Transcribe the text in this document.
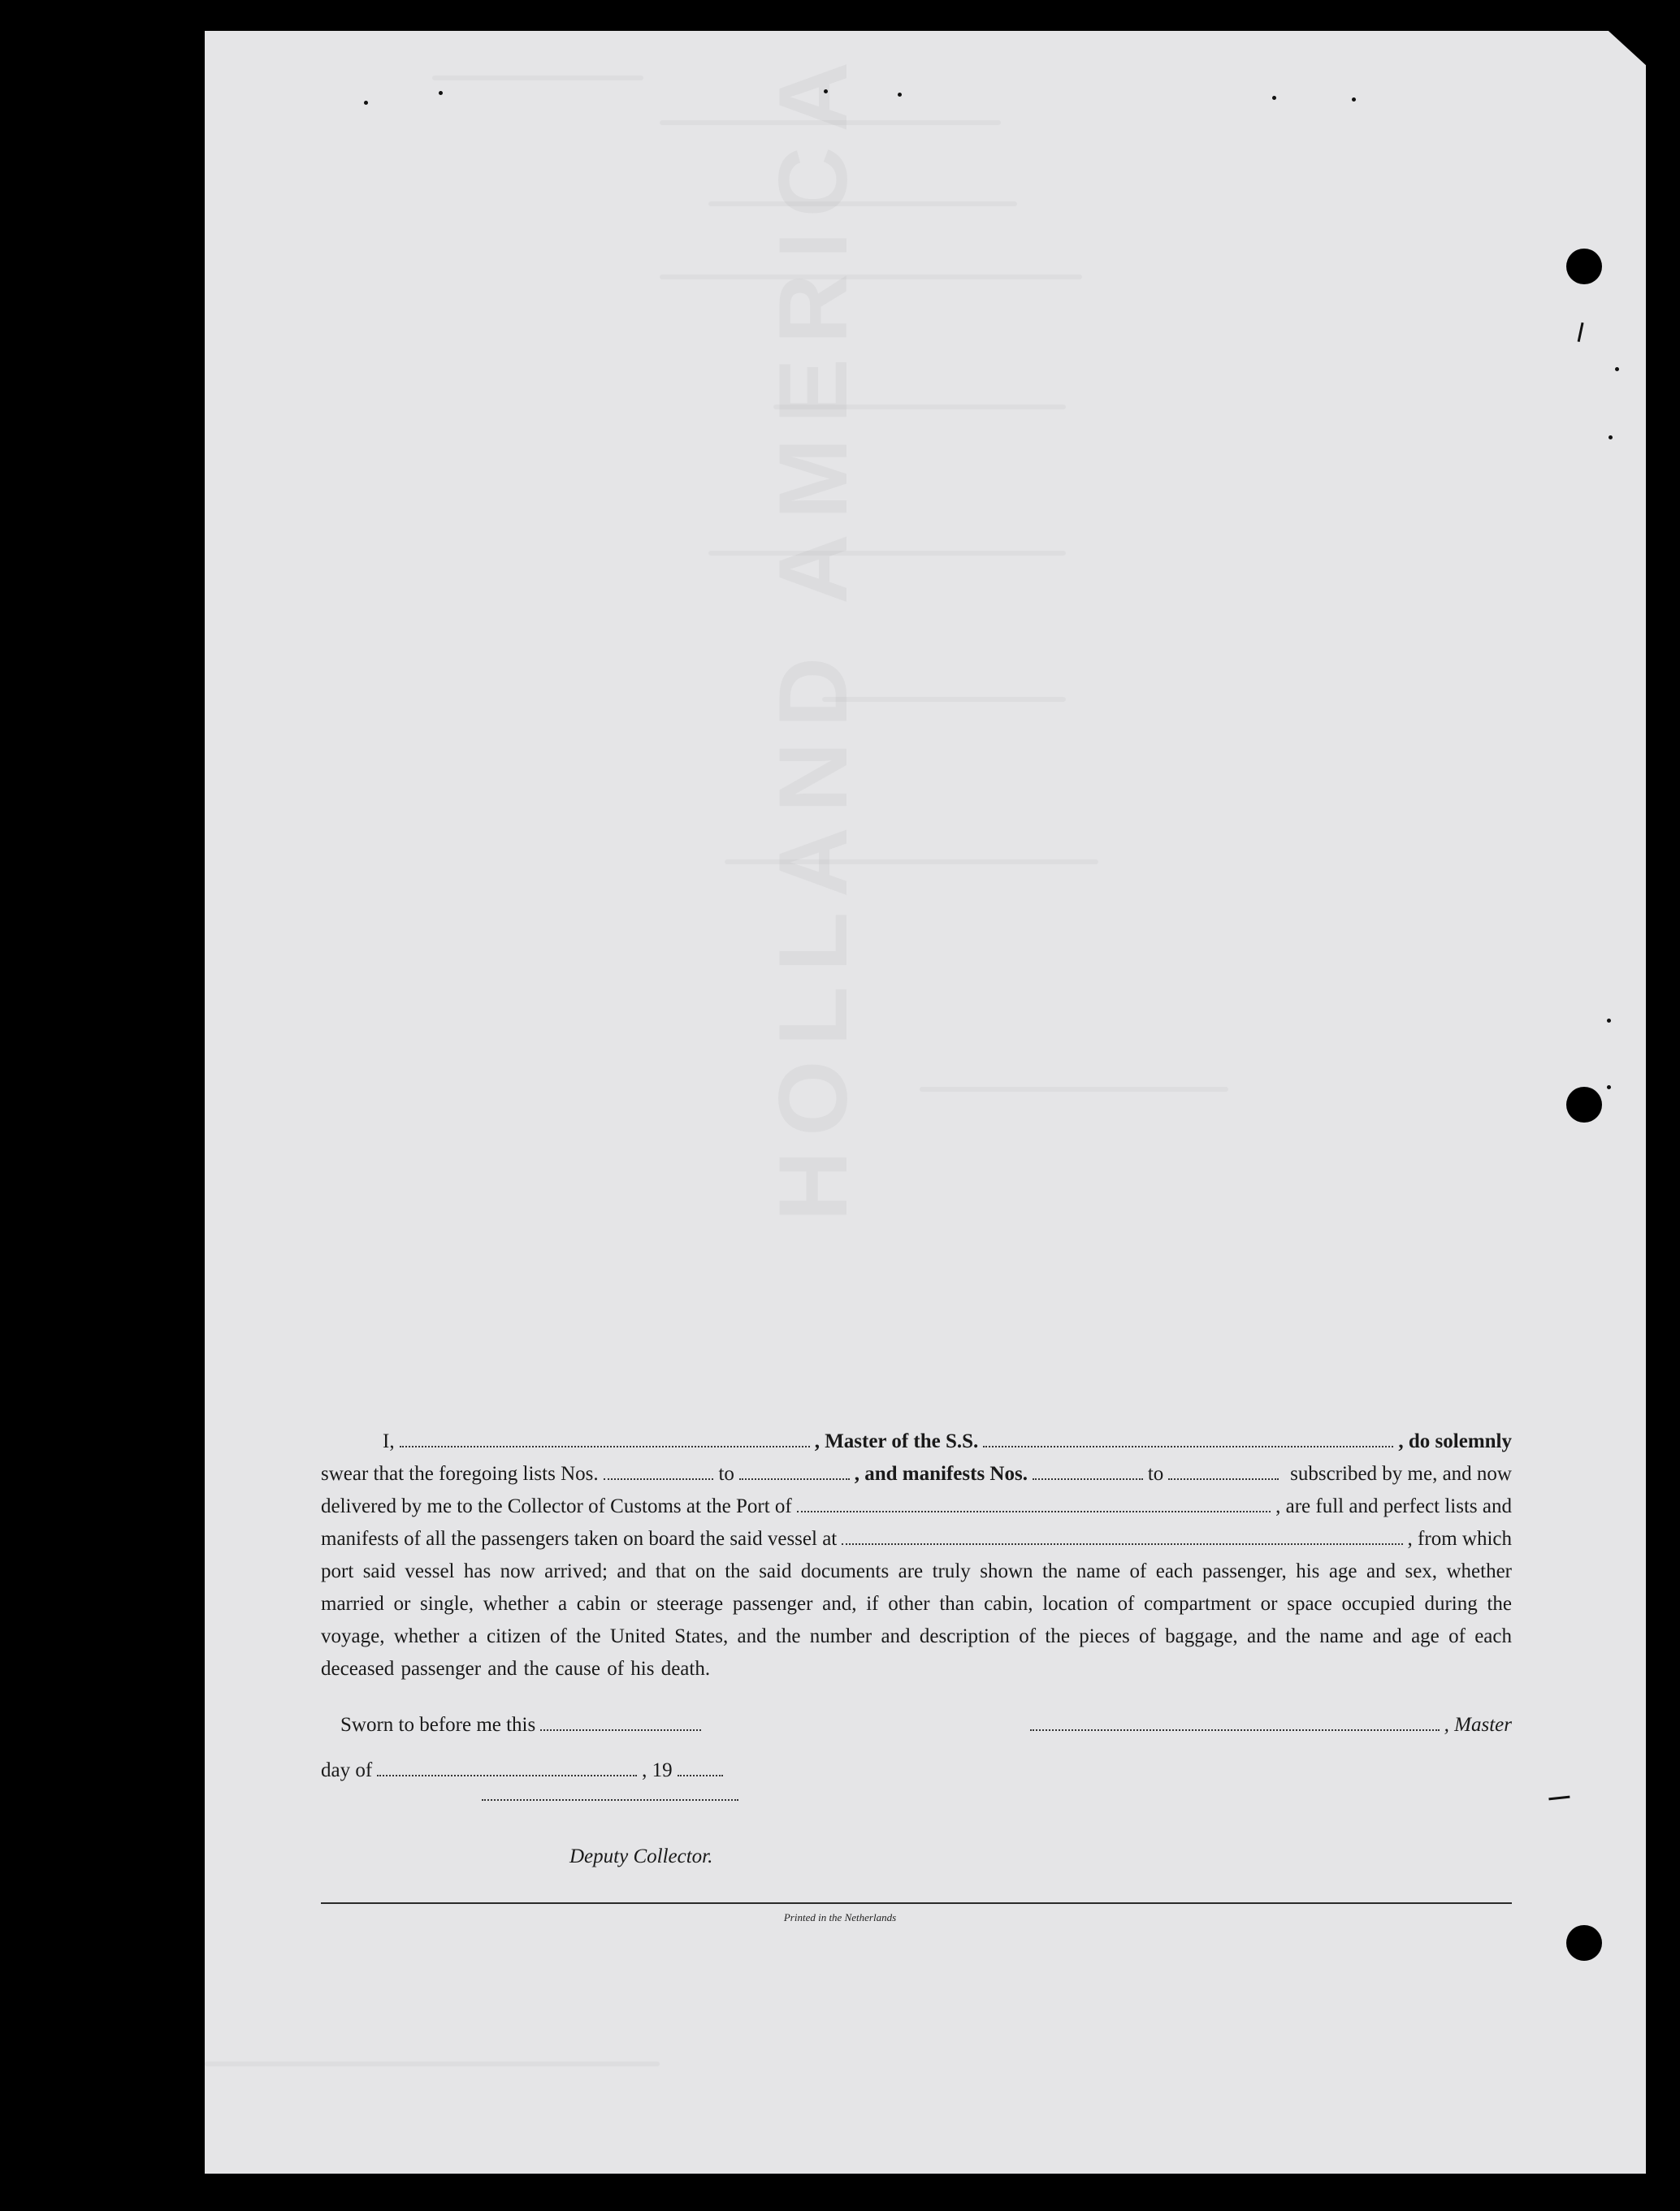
I,	, Master of the S.S.	, do solemnly
swear that the foregoing lists Nos.	to	, and manifests Nos.	to	subscribed by me, and now
delivered by me to the Collector of Customs at the Port of	, are full and perfect lists and
manifests of all the passengers taken on board the said vessel at	, from which
port said vessel has now arrived; and that on the said documents are truly shown the name of each passenger, his age and sex, whether married or single, whether a cabin or steerage passenger and, if other than cabin, location of compartment or space occupied during the voyage, whether a citizen of the United States, and the number and description of the pieces of baggage, and the name and age of each deceased passenger and the cause of his death.
Sworn to before me this	, Master
day of	, 19
Deputy Collector.
Printed in the Netherlands
